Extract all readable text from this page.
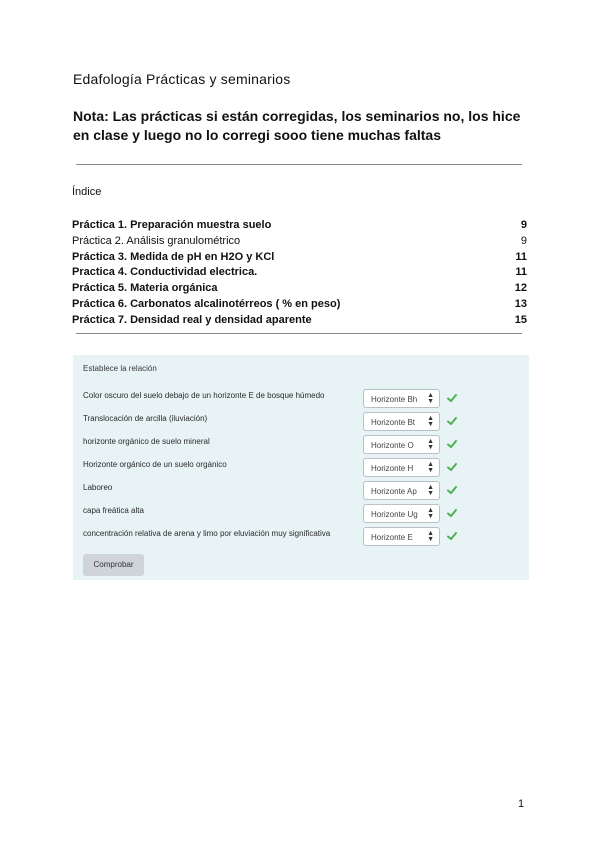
Edafología Prácticas y seminarios
Nota: Las prácticas si están corregidas, los seminarios no, los hice en clase y luego no lo corregi sooo tiene muchas faltas
Índice
Práctica 1. Preparación muestra suelo	9
Práctica 2. Análisis granulométrico	9
Práctica 3. Medida de pH en H2O y KCl	11
Practica 4. Conductividad electrica.	11
Práctica 5. Materia orgánica	12
Práctica 6. Carbonatos alcalinotérreos ( % en peso)	13
Práctica 7. Densidad real y densidad aparente	15
Establece la relación
Color oscuro del suelo debajo de un horizonte E de bosque húmedo	Horizonte Bh	▲
▼
Translocación de arcilla (iluviación)	Horizonte Bt	▲
▼
horizonte orgánico de suelo mineral	Horizonte O	▲
▼
Horizonte orgánico de un suelo orgánico	Horizonte H	▲
▼
Laboreo	Horizonte Ap	▲
▼
capa freática alta	Horizonte Ug	▲
▼
concentración relativa de arena y limo por eluviación muy significativa	Horizonte E	▲
▼
Comprobar
1
